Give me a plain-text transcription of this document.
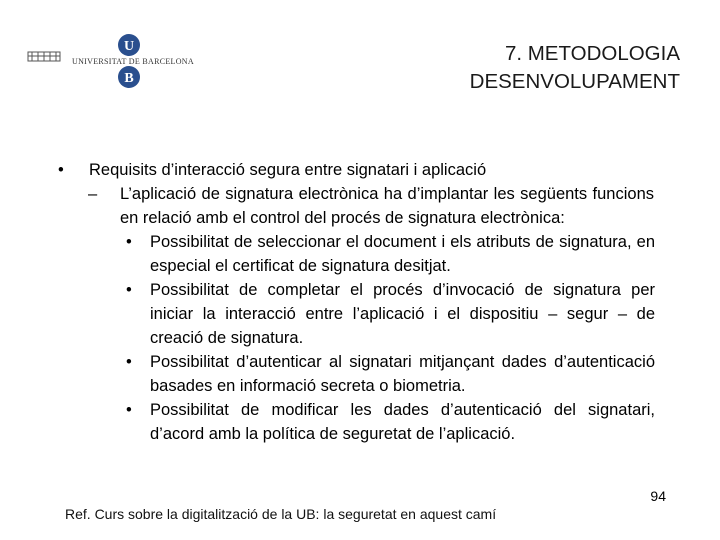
U
B
UNIVERSITAT DE BARCELONA	7. METODOLOGIA
DESENVOLUPAMENT
• Requisits d’interacció segura entre signatari i aplicació
– L’aplicació de signatura electrònica ha d’implantar les següents funcions en relació amb el control del procés de signatura electrònica:
• Possibilitat de seleccionar el document i els atributs de signatura, en especial el certificat de signatura desitjat.
• Possibilitat de completar el procés d’invocació de signatura per iniciar la interacció entre l’aplicació i el dispositiu – segur – de creació de signatura.
• Possibilitat d’autenticar al signatari mitjançant dades d’autenticació basades en informació secreta o biometria.
• Possibilitat de modificar les dades d’autenticació del signatari, d’acord amb la política de seguretat de l’aplicació.
94
Ref. Curs sobre la digitalització de la UB: la seguretat en aquest camí
